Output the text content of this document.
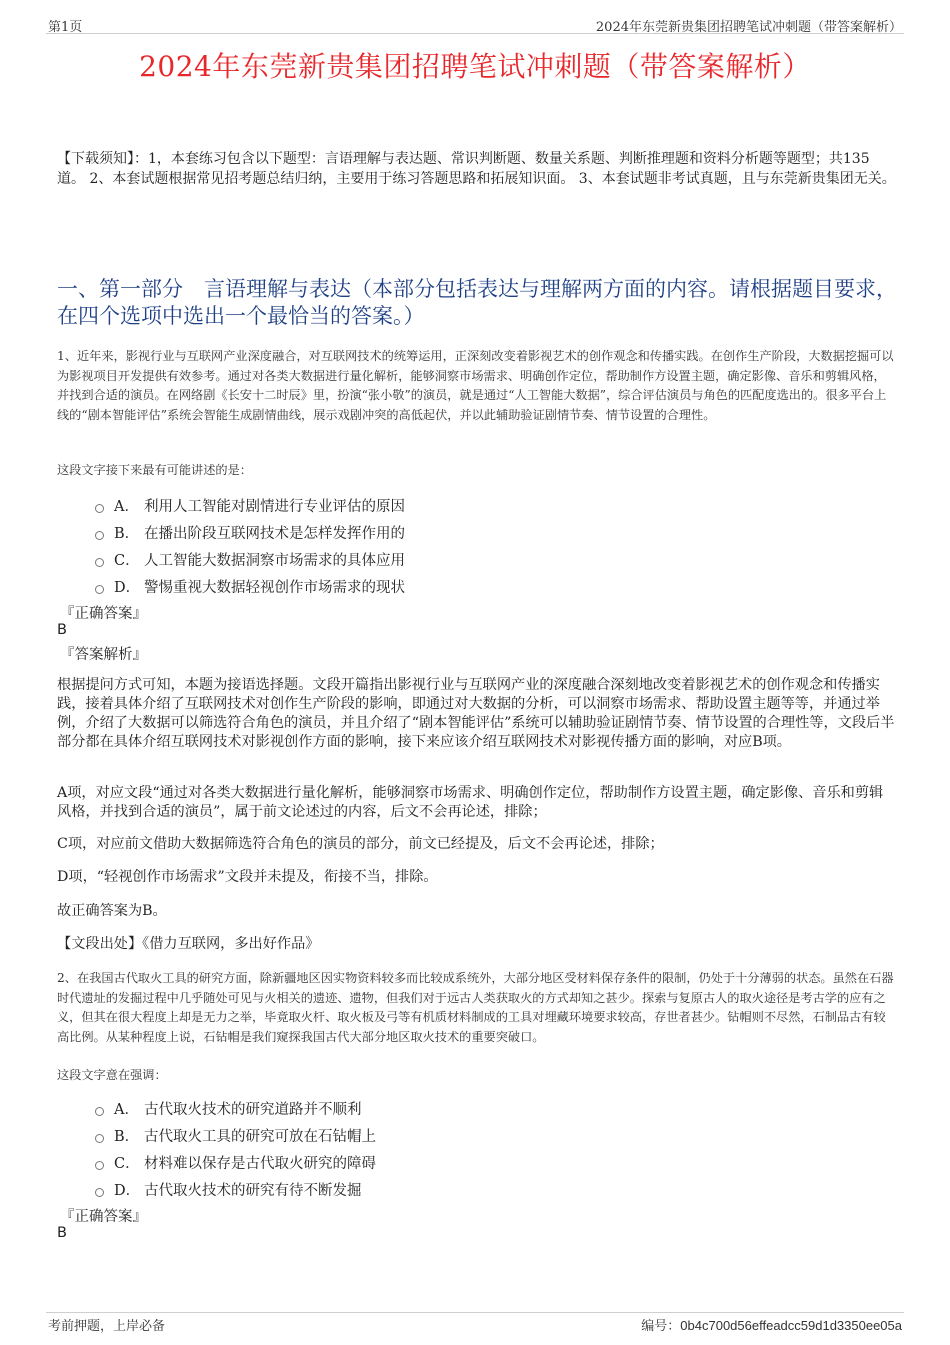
第1页	2024年东莞新贵集团招聘笔试冲刺题（带答案解析）
2024年东莞新贵集团招聘笔试冲刺题（带答案解析）
【下载须知】：1，本套练习包含以下题型：言语理解与表达题、常识判断题、数量关系题、判断推理题和资料分析题等题型；共135道。 2、本套试题根据常见招考题总结归纳，主要用于练习答题思路和拓展知识面。 3、本套试题非考试真题，且与东莞新贵集团无关。
一、第一部分　言语理解与表达（本部分包括表达与理解两方面的内容。请根据题目要求，在四个选项中选出一个最恰当的答案。）
1、近年来，影视行业与互联网产业深度融合，对互联网技术的统筹运用，正深刻改变着影视艺术的创作观念和传播实践。在创作生产阶段，大数据挖掘可以为影视项目开发提供有效参考。通过对各类大数据进行量化解析，能够洞察市场需求、明确创作定位，帮助制作方设置主题，确定影像、音乐和剪辑风格，并找到合适的演员。在网络剧《长安十二时辰》里，扮演“张小敬”的演员，就是通过“人工智能大数据”，综合评估演员与角色的匹配度选出的。很多平台上线的“剧本智能评估”系统会智能生成剧情曲线，展示戏剧冲突的高低起伏，并以此辅助验证剧情节奏、情节设置的合理性。
这段文字接下来最有可能讲述的是：
A． 利用人工智能对剧情进行专业评估的原因
B． 在播出阶段互联网技术是怎样发挥作用的
C． 人工智能大数据洞察市场需求的具体应用
D． 警惕重视大数据轻视创作市场需求的现状
『正确答案』
B
『答案解析』
根据提问方式可知，本题为接语选择题。文段开篇指出影视行业与互联网产业的深度融合深刻地改变着影视艺术的创作观念和传播实践，接着具体介绍了互联网技术对创作生产阶段的影响，即通过对大数据的分析，可以洞察市场需求、帮助设置主题等等，并通过举例，介绍了大数据可以筛选符合角色的演员，并且介绍了“剧本智能评估”系统可以辅助验证剧情节奏、情节设置的合理性等，文段后半部分都在具体介绍互联网技术对影视创作方面的影响，接下来应该介绍互联网技术对影视传播方面的影响，对应B项。
A项，对应文段“通过对各类大数据进行量化解析，能够洞察市场需求、明确创作定位，帮助制作方设置主题，确定影像、音乐和剪辑风格，并找到合适的演员”，属于前文论述过的内容，后文不会再论述，排除；
C项，对应前文借助大数据筛选符合角色的演员的部分，前文已经提及，后文不会再论述，排除；
D项，“轻视创作市场需求”文段并未提及，衔接不当，排除。
故正确答案为B。
【文段出处】《借力互联网，多出好作品》
2、在我国古代取火工具的研究方面，除新疆地区因实物资料较多而比较成系统外，大部分地区受材料保存条件的限制，仍处于十分薄弱的状态。虽然在石器时代遗址的发掘过程中几乎随处可见与火相关的遗迹、遗物，但我们对于远古人类获取火的方式却知之甚少。探索与复原古人的取火途径是考古学的应有之义，但其在很大程度上却是无力之举，毕竟取火杆、取火板及弓等有机质材料制成的工具对埋藏环境要求较高，存世者甚少。钻帽则不尽然，石制品古有较高比例。从某种程度上说，石钻帽是我们窥探我国古代大部分地区取火技术的重要突破口。
这段文字意在强调：
A． 古代取火技术的研究道路并不顺利
B． 古代取火工具的研究可放在石钻帽上
C． 材料难以保存是古代取火研究的障碍
D． 古代取火技术的研究有待不断发掘
『正确答案』
B
考前押题，上岸必备	编号：0b4c700d56effeadcc59d1d3350ee05a
